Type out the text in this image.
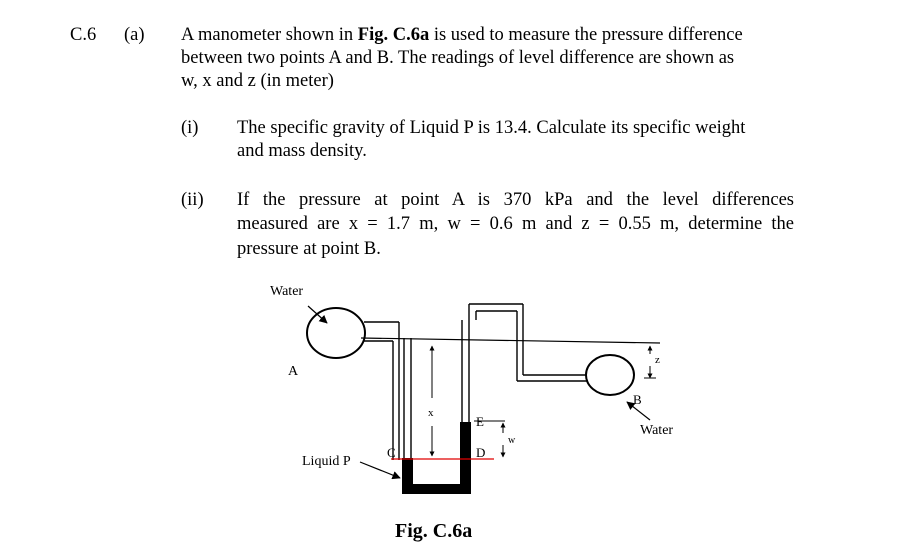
C.6 (a) A manometer shown in Fig. C.6a is used to measure the pressure difference
between two points A and B. The readings of level difference are shown as
w, x and z (in meter)
(i) The specific gravity of Liquid P is 13.4. Calculate its specific weight
and mass density.
(ii) If the pressure at point A is 370 kPa and the level differences
measured are x = 1.7 m, w = 0.6 m and z = 0.55 m, determine the
pressure at point B.
Water
A
B
Water
Liquid P
C	D
E
x
w
z
Fig. C.6a
